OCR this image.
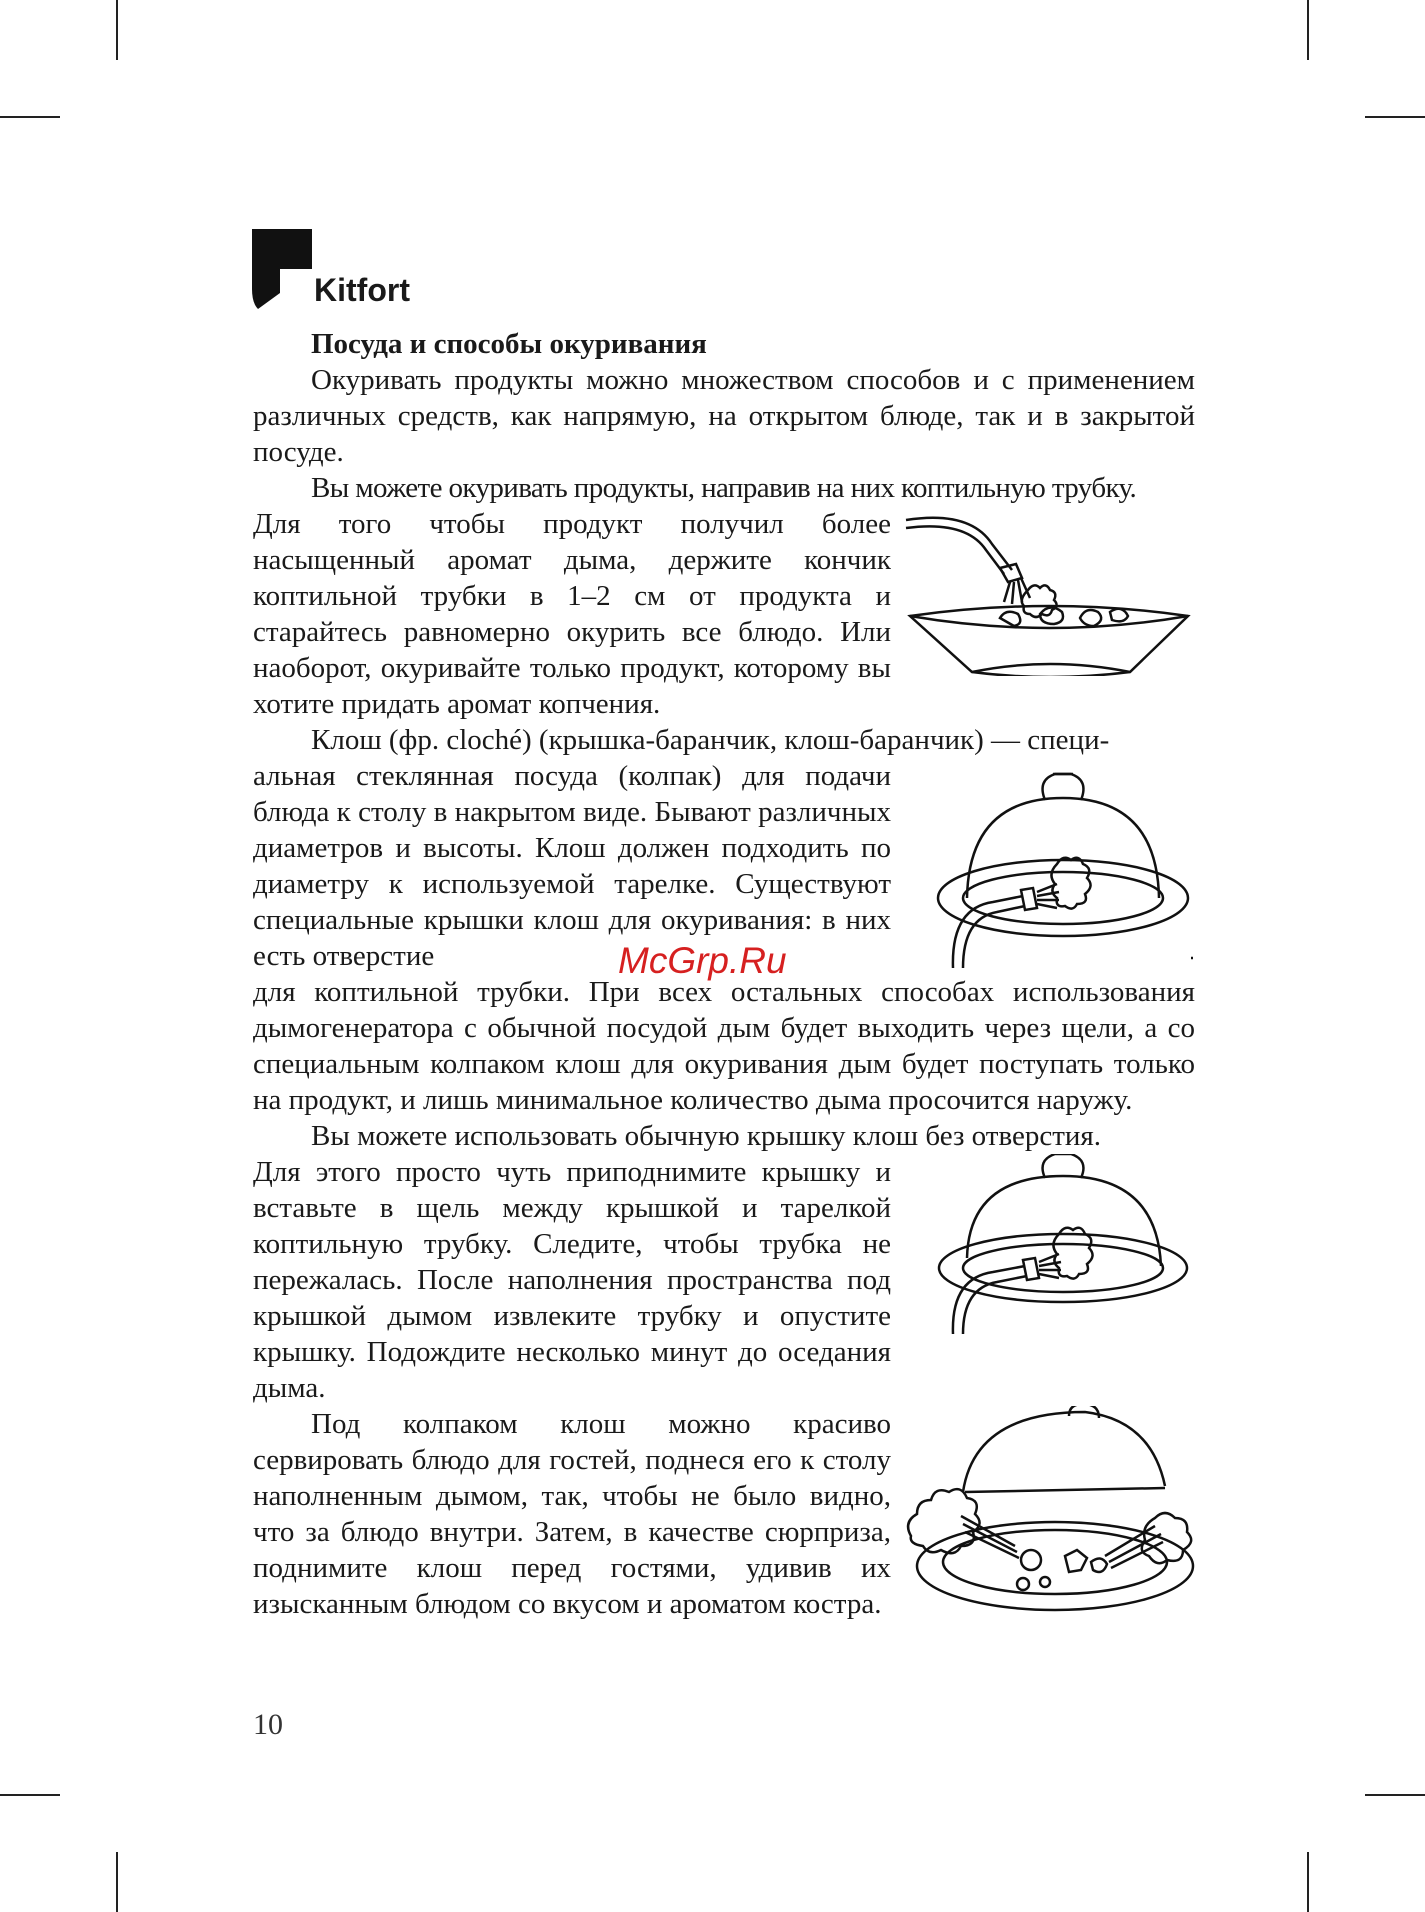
Kitfort

Посуда и способы окуривания

Окуривать продукты можно множеством способов и с применением различных средств, как напрямую, на открытом блюде, так и в закрытой посуде.

Вы можете окуривать продукты, направив на них коптильную трубку.

Для того чтобы продукт получил более насыщенный аромат дыма, держите кончик коптильной трубки в 1–2 см от продукта и старайтесь равномерно окурить все блюдо. Или наоборот, окуривайте только продукт, которому вы хотите придать аромат копчения.

Клош (фр. cloché) (крышка-баранчик, клош-баранчик) — специ-

альная стеклянная посуда (колпак) для подачи блюда к столу в накрытом виде. Бывают различных диаметров и высоты. Клош должен подходить по диаметру к используемой тарелке. Существуют специальные крышки клош для окуривания: в них есть отверстие

для коптильной трубки. При всех остальных способах использования дымогенератора с обычной посудой дым будет выходить через щели, а со специальным колпаком клош для окуривания дым будет поступать только на продукт, и лишь минимальное количество дыма просочится наружу.

Вы можете использовать обычную крышку клош без отверстия.

Для этого просто чуть приподнимите крышку и вставьте в щель между крышкой и тарелкой коптильную трубку. Следите, чтобы трубка не пережалась. После наполнения пространства под крышкой дымом извлеките трубку и опустите крышку. Подождите несколько минут до оседания дыма.

Под колпаком клош можно красиво сервировать блюдо для гостей, поднеся его к столу наполненным дымом, так, чтобы не было видно, что за блюдо внутри. Затем, в качестве сюрприза, поднимите клош перед гостями, удивив их изысканным блюдом со вкусом и ароматом костра.

McGrp.Ru
10
